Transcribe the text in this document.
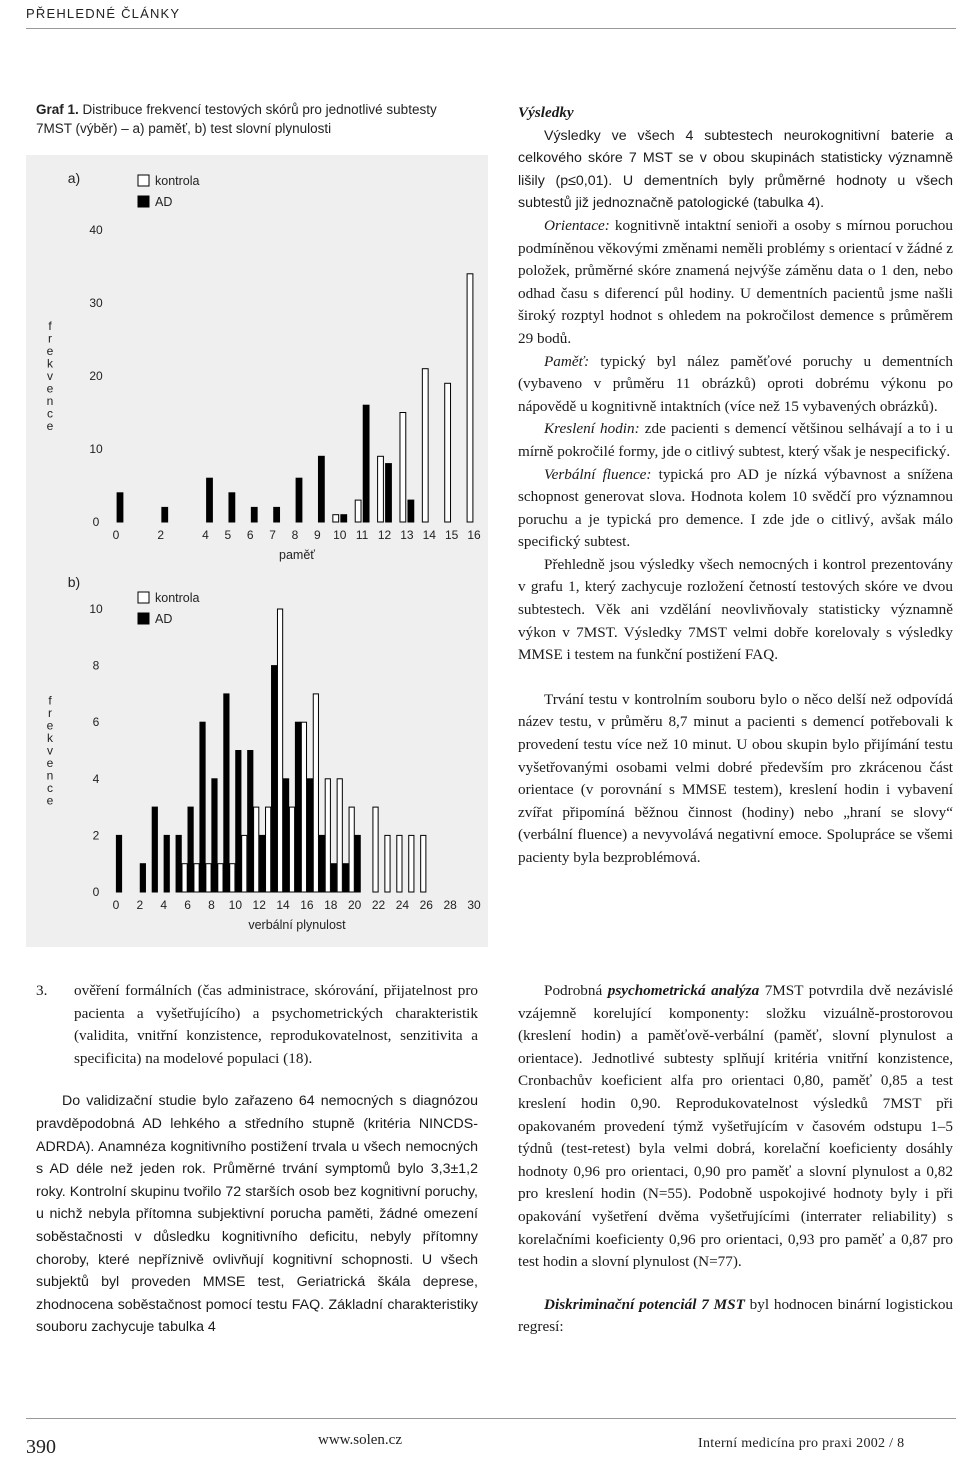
PŘEHLEDNÉ ČLÁNKY
Graf 1. Distribuce frekvencí testových skórů pro jednotlivé subtesty 7MST (výběr) – a) paměť, b) test slovní plynulosti
a)
f
r
e
k
v
e
n
c
e
0
10
20
30
40
0	2	4 5 6 7 8 9 10 11 12 13 14 15 16
paměť
kontrola
AD
b)
f
r
e
k
v
e
n
c
e
0
2
4
6
8
10
0 2 4 6 8 10 12 14 16 18 20 22 24 26 28 30
verbální plynulost
kontrola
AD

Výsledky

Výsledky ve všech 4 subtestech neurokognitivní baterie a celkového skóre 7 MST se v obou skupinách statisticky významně lišily (p≤0,01). U dementních byly průměrné hodnoty u všech subtestů již jednoznačně patologické (tabulka 4).

Orientace: kognitivně intaktní senioři a osoby s mírnou poruchou podmíněnou věkovými změnami neměli problémy s orientací v žádné z položek, průměrné skóre znamená nejvýše záměnu data o 1 den, nebo odhad času s diferencí půl hodiny. U dementních pacientů jsme našli široký rozptyl hodnot s ohledem na pokročilost demence s průměrem 29 bodů.

Paměť: typický byl nález paměťové poruchy u dementních (vybaveno v průměru 11 obrázků) oproti dobrému výkonu po nápovědě u kognitivně intaktních (více než 15 vybavených obrázků).

Kreslení hodin: zde pacienti s demencí většinou selhávají a to i u mírně pokročilé formy, jde o citlivý subtest, který však je nespecifický.

Verbální fluence: typická pro AD je nízká výbavnost a snížena schopnost generovat slova. Hodnota kolem 10 svědčí pro významnou poruchu a je typická pro demence. I zde jde o citlivý, avšak málo specifický subtest.

Přehledně jsou výsledky všech nemocných i kontrol prezentovány v grafu 1, který zachycuje rozložení četností testových skóre ve dvou subtestech. Věk ani vzdělání neovlivňovaly statisticky významně výkon v 7MST. Výsledky 7MST velmi dobře korelovaly s výsledky MMSE i testem na funkční postižení FAQ.

Trvání testu v kontrolním souboru bylo o něco delší než odpovídá název testu, v průměru 8,7 minut a pacienti s demencí potřebovali k provedení testu více než 10 minut. U obou skupin bylo přijímání testu vyšetřovanými osobami velmi dobré především pro zkrácenou část orientace (v porovnání s MMSE testem), kreslení hodin i vybavení zvířat připomíná běžnou činnost (hodiny) nebo „hraní se slovy“ (verbální fluence) a nevyvolává negativní emoce. Spolupráce se všemi pacienty byla bezproblémová.

3. ověření formálních (čas administrace, skórování, přijatelnost pro pacienta a vyšetřujícího) a psychometrických charakteristik (validita, vnitřní konzistence, reprodukovatelnost, senzitivita a specificita) na modelové populaci (18).

Do validizační studie bylo zařazeno 64 nemocných s diagnózou pravděpodobná AD lehkého a středního stupně (kritéria NINCDS-ADRDA). Anamnéza kognitivního postižení trvala u všech nemocných s AD déle než jeden rok. Průměrné trvání symptomů bylo 3,3±1,2 roky. Kontrolní skupinu tvořilo 72 starších osob bez kognitivní poruchy, u nichž nebyla přítomna subjektivní porucha paměti, žádné omezení soběstačnosti v důsledku kognitivního deficitu, nebyly přítomny choroby, které nepříznivě ovlivňují kognitivní schopnosti. U všech subjektů byl proveden MMSE test, Geriatrická škála deprese, zhodnocena soběstačnost pomocí testu FAQ. Základní charakteristiky souboru zachycuje tabulka 4

Podrobná psychometrická analýza 7MST potvrdila dvě nezávislé vzájemně korelující komponenty: složku vizuálně-prostorovou (kreslení hodin) a paměťově-verbální (paměť, slovní plynulost a orientace). Jednotlivé subtesty splňují kritéria vnitřní konzistence, Cronbachův koeficient alfa pro orientaci 0,80, paměť 0,85 a test kreslení hodin 0,90. Reprodukovatelnost výsledků 7MST při opakovaném provedení týmž vyšetřujícím v časovém odstupu 1–5 týdnů (test-retest) byla velmi dobrá, korelační koeficienty dosáhly hodnoty 0,96 pro orientaci, 0,90 pro paměť a slovní plynulost a 0,82 pro kreslení hodin (N=55). Podobně uspokojivé hodnoty byly i při opakování vyšetření dvěma vyšetřujícími (interrater reliability) s korelačními koeficienty 0,96 pro orientaci, 0,93 pro paměť a 0,87 pro test hodin a slovní plynulost (N=77).

Diskriminační potenciál 7 MST byl hodnocen binární logistickou regresí:

390	www.solen.cz	Interní medicína pro praxi 2002 / 8
